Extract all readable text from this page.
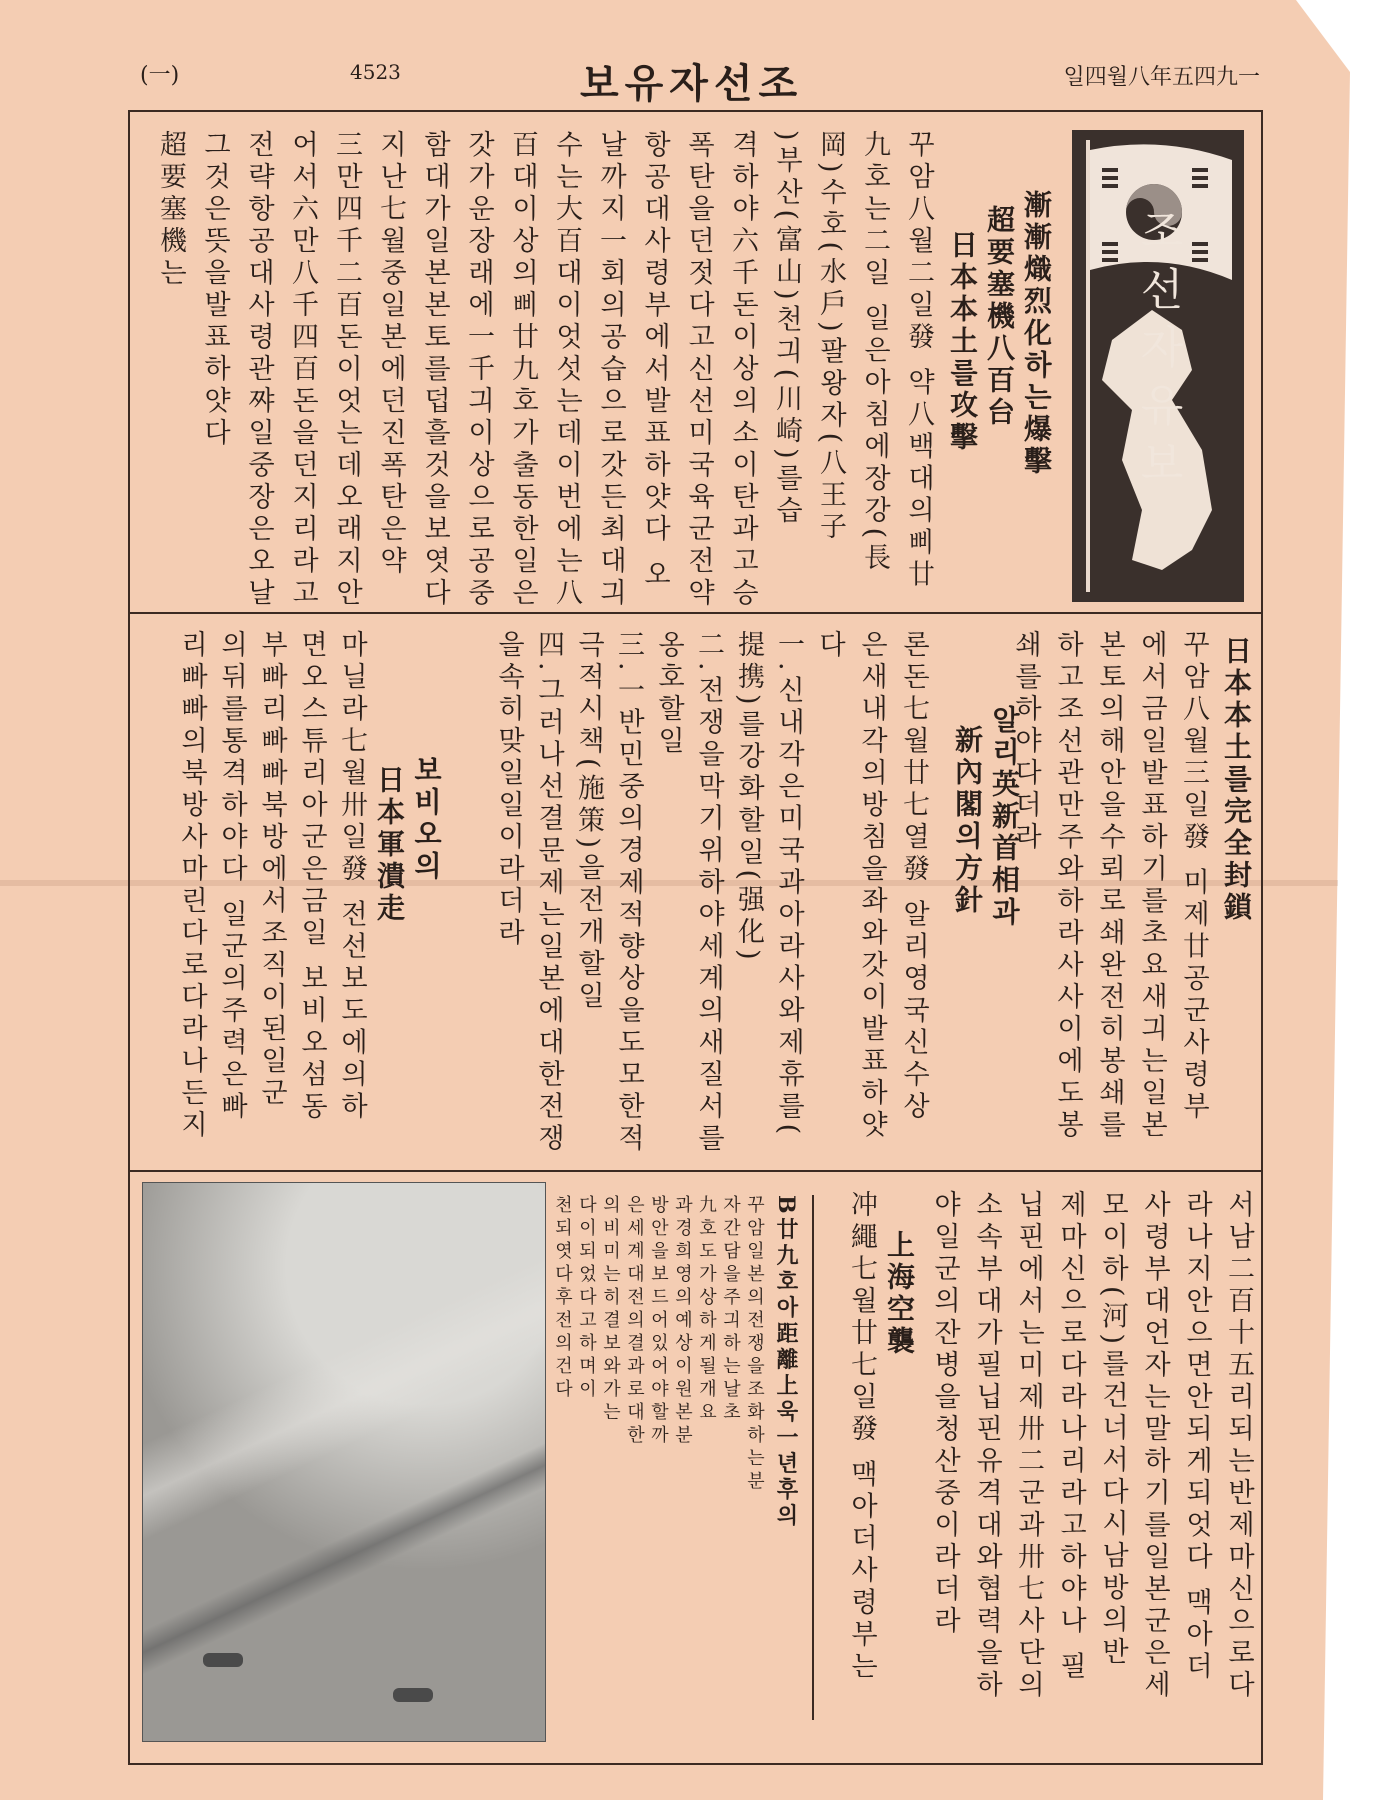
(一)	4523	보유자선조	일四월八年五四九一
조선자유보
漸漸熾烈化하는爆擊
超要塞機八百台
日本本土를攻擊
꾸암八월二일發 약八백대의삐廿
九호는二일 일은아침에장강(長
岡)수호(水戶)팔왕자(八王子
)부산(富山)천긔(川崎)를습
격하야六千돈이상의소이탄과고승
폭탄을던젓다고신선미국육군전약
항공대사령부에서발표하얏다 오
날까지一회의공습으로갓든최대긔
수는大百대이엇섯는데이번에는八
百대이상의삐廿九호가출동한일은
갓가운장래에一千긔이상으로공중
함대가일본본토를덥흘것을보엿다
지난七월중일본에던진폭탄은약
三만四千二百돈이엇는데오래지안
어서六만八千四百돈을던지리라고
전략항공대사령관쨔일중장은오날
그것은뜻을발표하얏다
超要塞機는
日本本土를完全封鎖
꾸암八월三일發 미제廿공군사령부
에서금일발표하기를초요새긔는일본
본토의해안을수뢰로쇄완전히봉쇄를
하고조선관만주와하라사사이에도봉
쇄를하야다더라
알리英新首相과
新內閣의方針
론돈七월廿七열發 알리영국신수상
은새내각의방침을좌와갓이발표하얏
다
一.신내각은미국과아라사와제휴를(
提携)를강화할일(强化)
二.전쟁을막기위하야세계의새질서를
옹호할일
三.一반민중의경제적향상을도모한적
극적시책(施策)을전개할일
四.그러나선결문제는일본에대한전쟁
을속히맞일일이라더라
보비오의
日本軍潰走
마닐라七월卅일發 전선보도에의하
면오스튜리아군은금일 보비오섬동
부빠리빠빠북방에서조직이된일군
의뒤를통격하야다 일군의주력은빠
리빠빠의북방사마린다로다라나든지
서남二百十五리되는반제마신으로다
라나지안으면안되게되엇다 맥아더
사령부대언자는말하기를일본군은세
모이하(河)를건너서다시남방의반
제마신으로다라나리라고하야나 필
닙핀에서는미제卅二군과卅七사단의
소속부대가필닙핀유격대와협력을하
야일군의잔병을청산중이라더라
上海空襲
冲繩七월廿七일發 맥아더사령부는
B廿九호아距離上욱一년후의
꾸암일본의전쟁을조화하는분
자간담을주긔하는날초
九호도가상하게될개요
과경희영의예상이원본분
방안을보드어있어야할까
은세계대전의결과로대한
의비미는히결보와가는
다이되었다고하며이
천되엿다후전의건다
